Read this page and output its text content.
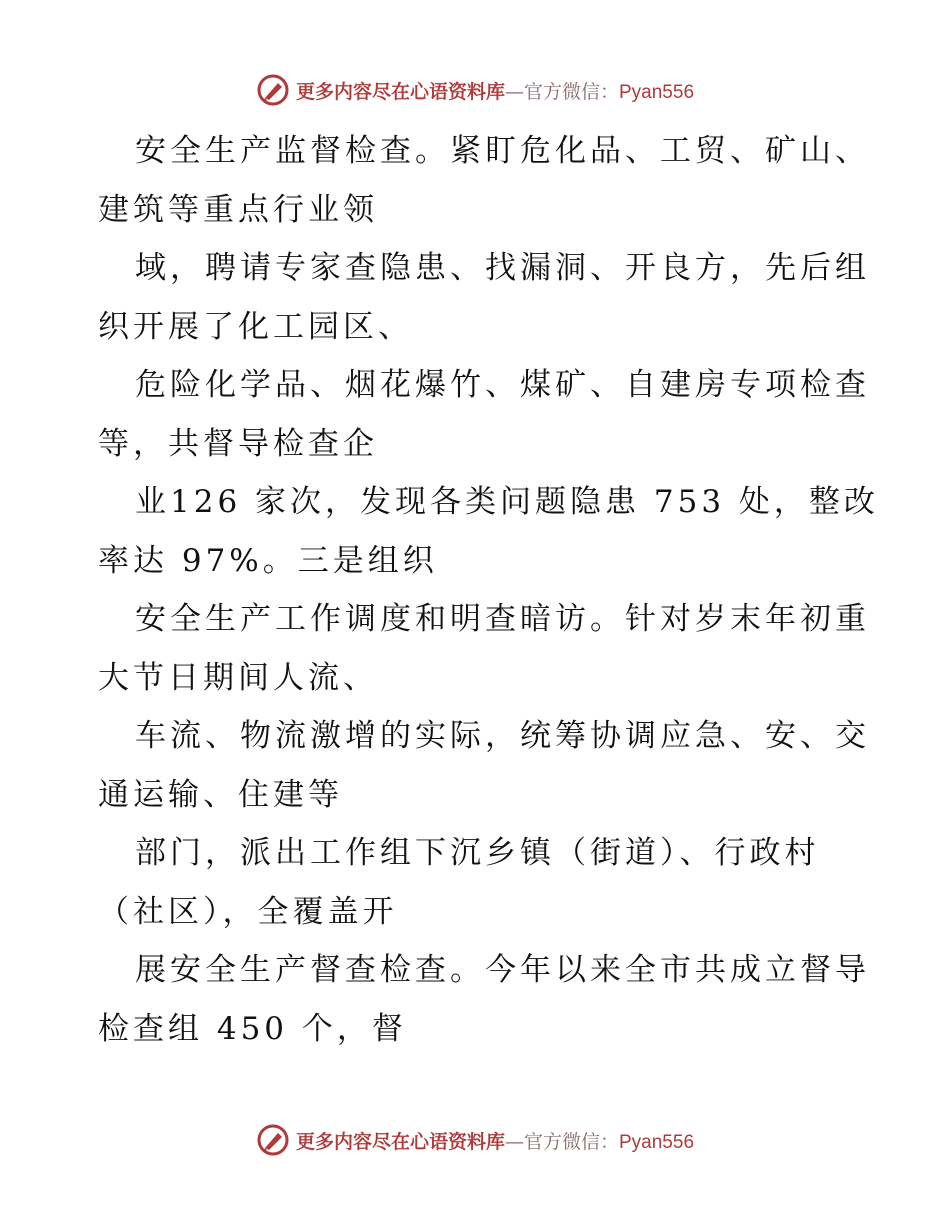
更多内容尽在心语资料库—官方微信：Pyan556
安全生产监督检查。紧盯危化品、工贸、矿山、
建筑等重点行业领
域，聘请专家查隐患、找漏洞、开良方，先后组
织开展了化工园区、
危险化学品、烟花爆竹、煤矿、自建房专项检查
等，共督导检查企
业126 家次，发现各类问题隐患 753 处，整改
率达 97%。三是组织
安全生产工作调度和明查暗访。针对岁末年初重
大节日期间人流、
车流、物流激增的实际，统筹协调应急、安、交
通运输、住建等
部门，派出工作组下沉乡镇（街道）、行政村
（社区），全覆盖开
展安全生产督查检查。今年以来全市共成立督导
检查组 450 个，督
更多内容尽在心语资料库—官方微信：Pyan556
